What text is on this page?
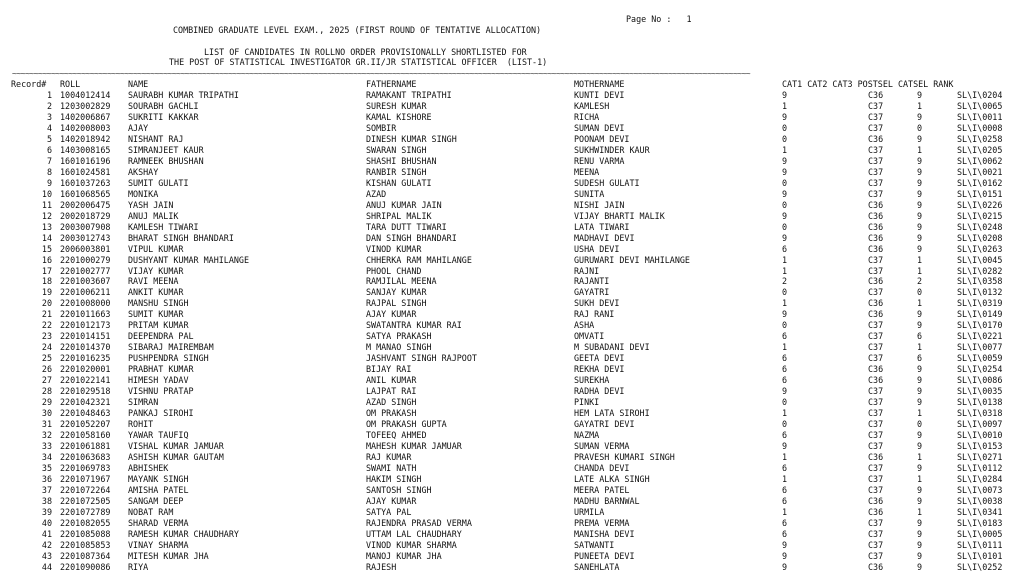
Page No : 1
COMBINED GRADUATE LEVEL EXAM., 2025 (FIRST ROUND OF TENTATIVE ALLOCATION)
LIST OF CANDIDATES IN ROLLNO ORDER PROVISIONALLY SHORTLISTED FOR
THE POST OF STATISTICAL INVESTIGATOR GR.II/JR STATISTICAL OFFICER  (LIST-1)
~~~~~~~~~~~~~~~~~~~~~~~~~~~~~~~~~~~~~~~~~~~~~~~~~~~~~~~~~~~~~~~~~~~~~~~~~~~~~~~~~~~~~~~~~~~~~~~~~~~~~~~~~~~~~~~~~~~~~~~~~~~~~~~~~~~~~~~~~~~~~~~~~~~~~~~~~~~~~~~~~~~~~~~~~~~
Record# ROLL	NAME	FATHERNAME	MOTHERNAME	CAT1 CAT2 CAT3 POSTSEL CATSEL RANK
1 1004012414 SAURABH KUMAR TRIPATHI	RAMAKANT TRIPATHI	KUNTI DEVI	9	C36	9	SL\I\0204
2 1203002829 SOURABH GACHLI	SURESH KUMAR	KAMLESH	1	C37	1	SL\I\0065
3 1402006867 SUKRITI KAKKAR	KAMAL KISHORE	RICHA	9	C37	9	SL\I\0011
4 1402008003 AJAY	SOMBIR	SUMAN DEVI	0	C37	0	SL\I\0008
5 1402018942 NISHANT RAJ	DINESH KUMAR SINGH	POONAM DEVI	0	C36	9	SL\I\0258
6 1403008165 SIMRANJEET KAUR	SWARAN SINGH	SUKHWINDER KAUR	1	C37	1	SL\I\0205
7 1601016196 RAMNEEK BHUSHAN	SHASHI BHUSHAN	RENU VARMA	9	C37	9	SL\I\0062
8 1601024581 AKSHAY	RANBIR SINGH	MEENA	9	C37	9	SL\I\0021
9 1601037263 SUMIT GULATI	KISHAN GULATI	SUDESH GULATI	0	C37	9	SL\I\0162
10 1601068565 MONIKA	AZAD	SUNITA	9	C37	9	SL\I\0151
11 2002006475 YASH JAIN	ANUJ KUMAR JAIN	NISHI JAIN	0	C36	9	SL\I\0226
12 2002018729 ANUJ MALIK	SHRIPAL MALIK	VIJAY BHARTI MALIK	9	C36	9	SL\I\0215
13 2003007908 KAMLESH TIWARI	TARA DUTT TIWARI	LATA TIWARI	0	C36	9	SL\I\0248
14 2003012743 BHARAT SINGH BHANDARI	DAN SINGH BHANDARI	MADHAVI DEVI	9	C36	9	SL\I\0208
15 2006003801 VIPUL KUMAR	VINOD KUMAR	USHA DEVI	6	C36	9	SL\I\0263
16 2201000279 DUSHYANT KUMAR MAHILANGE	CHHERKA RAM MAHILANGE	GURUWARI DEVI MAHILANGE	1	C37	1	SL\I\0045
17 2201002777 VIJAY KUMAR	PHOOL CHAND	RAJNI	1	C37	1	SL\I\0282
18 2201003607 RAVI MEENA	RAMJILAL MEENA	RAJANTI	2	C36	2	SL\I\0358
19 2201006211 ANKIT KUMAR	SANJAY KUMAR	GAYATRI	0	C37	0	SL\I\0132
20 2201008000 MANSHU SINGH	RAJPAL SINGH	SUKH DEVI	1	C36	1	SL\I\0319
21 2201011663 SUMIT KUMAR	AJAY KUMAR	RAJ RANI	9	C36	9	SL\I\0149
22 2201012173 PRITAM KUMAR	SWATANTRA KUMAR RAI	ASHA	0	C37	9	SL\I\0170
23 2201014151 DEEPENDRA PAL	SATYA PRAKASH	OMVATI	6	C37	6	SL\I\0221
24 2201014370 SIBARAJ MAIREMBAM	M MANAO SINGH	M SUBADANI DEVI	1	C37	1	SL\I\0077
25 2201016235 PUSHPENDRA SINGH	JASHVANT SINGH RAJPOOT	GEETA DEVI	6	C37	6	SL\I\0059
26 2201020001 PRABHAT KUMAR	BIJAY RAI	REKHA DEVI	6	C36	9	SL\I\0254
27 2201022141 HIMESH YADAV	ANIL KUMAR	SUREKHA	6	C36	9	SL\I\0086
28 2201029518 VISHNU PRATAP	LAJPAT RAI	RADHA DEVI	9	C37	9	SL\I\0035
29 2201042321 SIMRAN	AZAD SINGH	PINKI	0	C37	9	SL\I\0138
30 2201048463 PANKAJ SIROHI	OM PRAKASH	HEM LATA SIROHI	1	C37	1	SL\I\0318
31 2201052207 ROHIT	OM PRAKASH GUPTA	GAYATRI DEVI	0	C37	0	SL\I\0097
32 2201058160 YAWAR TAUFIQ	TOFEEQ AHMED	NAZMA	6	C37	9	SL\I\0010
33 2201061881 VISHAL KUMAR JAMUAR	MAHESH KUMAR JAMUAR	SUMAN VERMA	9	C37	9	SL\I\0153
34 2201063683 ASHISH KUMAR GAUTAM	RAJ KUMAR	PRAVESH KUMARI SINGH	1	C36	1	SL\I\0271
35 2201069783 ABHISHEK	SWAMI NATH	CHANDA DEVI	6	C37	9	SL\I\0112
36 2201071967 MAYANK SINGH	HAKIM SINGH	LATE ALKA SINGH	1	C37	1	SL\I\0284
37 2201072264 AMISHA PATEL	SANTOSH SINGH	MEERA PATEL	6	C37	9	SL\I\0073
38 2201072505 SANGAM DEEP	AJAY KUMAR	MADHU BARNWAL	6	C36	9	SL\I\0038
39 2201072789 NOBAT RAM	SATYA PAL	URMILA	1	C36	1	SL\I\0341
40 2201082055 SHARAD VERMA	RAJENDRA PRASAD VERMA	PREMA VERMA	6	C37	9	SL\I\0183
41 2201085088 RAMESH KUMAR CHAUDHARY	UTTAM LAL CHAUDHARY	MANISHA DEVI	6	C37	9	SL\I\0005
42 2201085853 VINAY SHARMA	VINOD KUMAR SHARMA	SATWANTI	9	C37	9	SL\I\0111
43 2201087364 MITESH KUMAR JHA	MANOJ KUMAR JHA	PUNEETA DEVI	9	C37	9	SL\I\0101
44 2201090086 RIYA	RAJESH	SANEHLATA	9	C36	9	SL\I\0252
